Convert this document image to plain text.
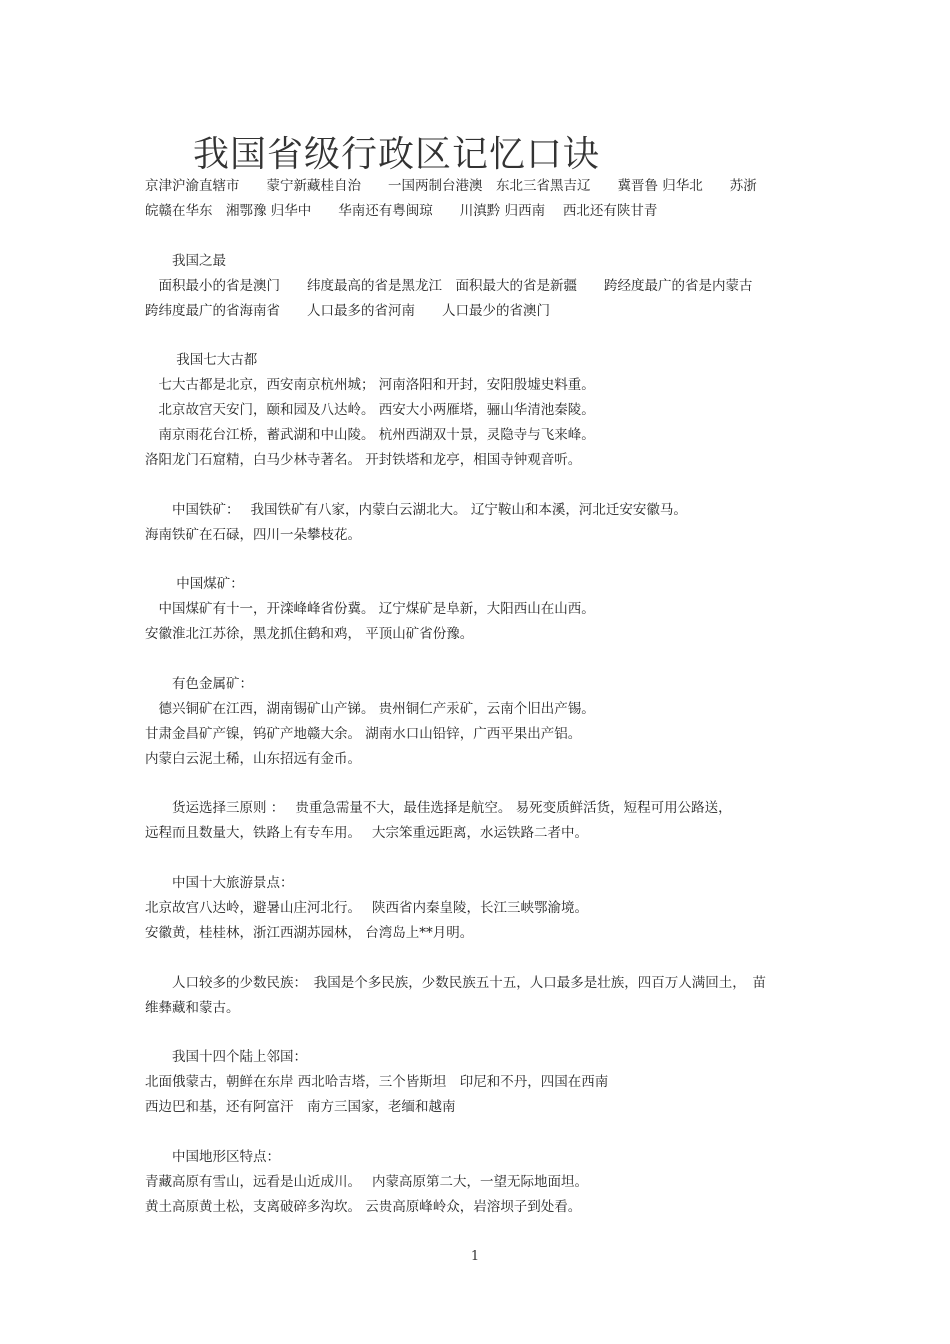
我国省级行政区记忆口诀
京津沪渝直辖市　　蒙宁新藏桂自治　　一国两制台港澳　东北三省黑吉辽　　冀晋鲁 归华北　　苏浙
皖赣在华东　湘鄂豫 归华中　　华南还有粤闽琼　　川滇黔 归西南　 西北还有陕甘青
　　我国之最
　面积最小的省是澳门　　纬度最高的省是黑龙江　面积最大的省是新疆　　跨经度最广的省是内蒙古
跨纬度最广的省海南省　　人口最多的省河南　　人口最少的省澳门
　　 我国七大古都
　七大古都是北京，西安南京杭州城； 河南洛阳和开封，安阳殷墟史料重。
　北京故宫天安门，颐和园及八达岭。 西安大小两雁塔，骊山华清池秦陵。
　南京雨花台江桥，蓄武湖和中山陵。 杭州西湖双十景，灵隐寺与飞来峰。
洛阳龙门石窟精，白马少林寺著名。 开封铁塔和龙亭，相国寺钟观音听。
　　中国铁矿：　 我国铁矿有八家，内蒙白云湖北大。 辽宁鞍山和本溪，河北迁安安徽马。
海南铁矿在石碌，四川一朵攀枝花。
　　 中国煤矿：
　中国煤矿有十一，开滦峰峰省份冀。 辽宁煤矿是阜新，大阳西山在山西。
安徽淮北江苏徐，黑龙抓住鹤和鸡， 平顶山矿省份豫。
　　有色金属矿：
　德兴铜矿在江西，湖南锡矿山产锑。 贵州铜仁产汞矿，云南个旧出产锡。
甘肃金昌矿产镍，钨矿产地赣大余。 湖南水口山铅锌，广西平果出产铝。
内蒙白云泥土稀，山东招远有金币。
　　货运选择三原则 ：　 贵重急需量不大，最佳选择是航空。 易死变质鲜活货，短程可用公路送，
远程而且数量大，铁路上有专车用。　 大宗笨重远距离，水运铁路二者中。
　　中国十大旅游景点：
北京故宫八达岭，避暑山庄河北行。　 陕西省内秦皇陵，长江三峡鄂渝境。
安徽黄，桂桂林，浙江西湖苏园林， 台湾岛上**月明。
　　人口较多的少数民族：　我国是个多民族，少数民族五十五，人口最多是壮族，四百万人满回土，　苗
维彝藏和蒙古。
　　我国十四个陆上邻国：
北面俄蒙古，朝鲜在东岸 西北哈吉塔，三个皆斯坦　印尼和不丹，四国在西南
西边巴和基，还有阿富汗　南方三国家，老缅和越南
　　中国地形区特点：
青藏高原有雪山，远看是山近成川。　 内蒙高原第二大，一望无际地面坦。
黄土高原黄土松，支离破碎多沟坎。 云贵高原峰岭众，岩溶坝子到处看。
1
